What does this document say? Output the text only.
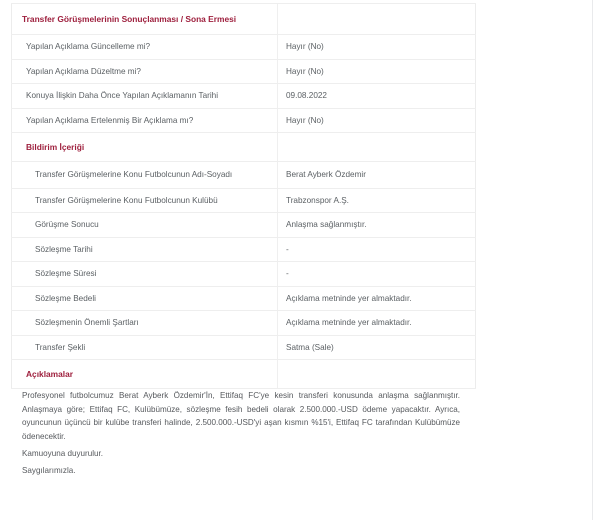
Transfer Görüşmelerinin Sonuçlanması / Sona Ermesi	

Yapılan Açıklama Güncelleme mi?	Hayır (No)

Yapılan Açıklama Düzeltme mi?	Hayır (No)

Konuya İlişkin Daha Önce Yapılan Açıklamanın Tarihi	09.08.2022

Yapılan Açıklama Ertelenmiş Bir Açıklama mı?	Hayır (No)

Bildirim İçeriği	

Transfer Görüşmelerine Konu Futbolcunun Adı-Soyadı	Berat Ayberk Özdemir

Transfer Görüşmelerine Konu Futbolcunun Kulübü	Trabzonspor A.Ş.

Görüşme Sonucu	Anlaşma sağlanmıştır.

Sözleşme Tarihi	-

Sözleşme Süresi	-

Sözleşme Bedeli	Açıklama metninde yer almaktadır.

Sözleşmenin Önemli Şartları	Açıklama metninde yer almaktadır.

Transfer Şekli	Satma (Sale)

Açıklamalar	

Profesyonel futbolcumuz Berat Ayberk Özdemir'İn, Ettifaq FC'ye kesin transferi konusunda anlaşma sağlanmıştır. Anlaşmaya göre; Ettifaq FC, Kulübümüze, sözleşme fesih bedeli olarak 2.500.000.-USD ödeme yapacaktır. Ayrıca, oyuncunun üçüncü bir kulübe transferi halinde, 2.500.000.-USD'yi aşan kısmın %15'i, Ettifaq FC tarafından Kulübümüze ödenecektir.

Kamuoyuna duyurulur.

Saygılarımızla.
